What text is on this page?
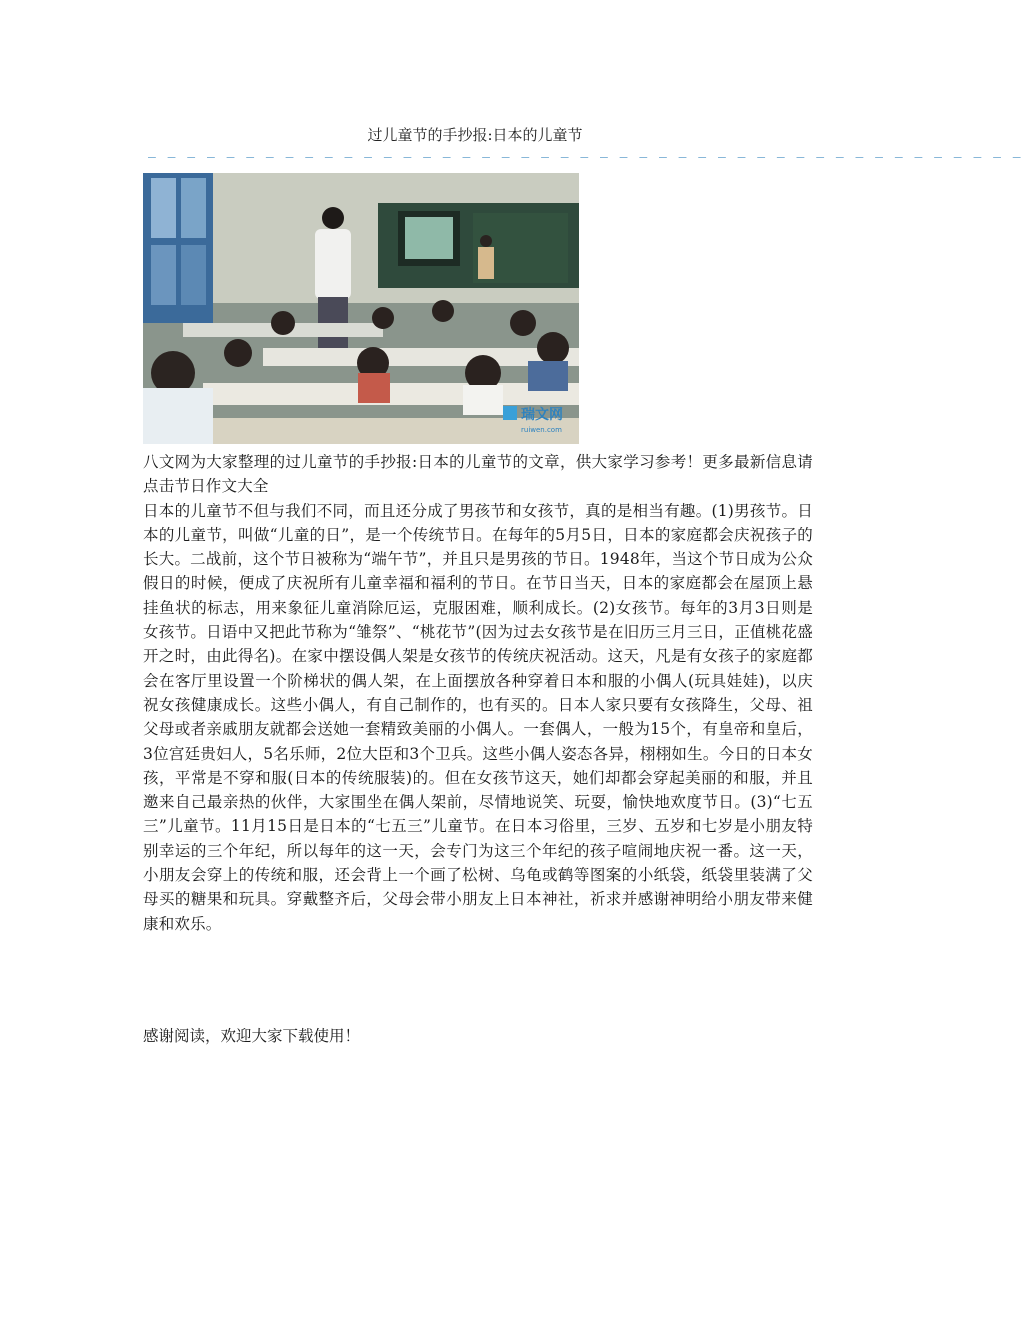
过儿童节的手抄报:日本的儿童节
— — — — — — — — — — — — — — — — — — — — — — — — — — — — — — — — — — — — — — — — — — — — —
瑞文网
ruiwen.com

八文网为大家整理的过儿童节的手抄报:日本的儿童节的文章，供大家学习参考！更多最新信息请点击节日作文大全

日本的儿童节不但与我们不同，而且还分成了男孩节和女孩节，真的是相当有趣。(1)男孩节。日本的儿童节，叫做“儿童的日”，是一个传统节日。在每年的5月5日，日本的家庭都会庆祝孩子的长大。二战前，这个节日被称为“端午节”，并且只是男孩的节日。1948年，当这个节日成为公众假日的时候，便成了庆祝所有儿童幸福和福利的节日。在节日当天，日本的家庭都会在屋顶上悬挂鱼状的标志，用来象征儿童消除厄运，克服困难，顺利成长。(2)女孩节。每年的3月3日则是女孩节。日语中又把此节称为“雏祭”、“桃花节”(因为过去女孩节是在旧历三月三日，正值桃花盛开之时，由此得名)。在家中摆设偶人架是女孩节的传统庆祝活动。这天，凡是有女孩子的家庭都会在客厅里设置一个阶梯状的偶人架，在上面摆放各种穿着日本和服的小偶人(玩具娃娃)，以庆祝女孩健康成长。这些小偶人，有自己制作的，也有买的。日本人家只要有女孩降生，父母、祖父母或者亲戚朋友就都会送她一套精致美丽的小偶人。一套偶人，一般为15个，有皇帝和皇后，3位宫廷贵妇人，5名乐师，2位大臣和3个卫兵。这些小偶人姿态各异，栩栩如生。今日的日本女孩，平常是不穿和服(日本的传统服装)的。但在女孩节这天，她们却都会穿起美丽的和服，并且邀来自己最亲热的伙伴，大家围坐在偶人架前，尽情地说笑、玩耍，愉快地欢度节日。(3)“七五三”儿童节。11月15日是日本的“七五三”儿童节。在日本习俗里，三岁、五岁和七岁是小朋友特别幸运的三个年纪，所以每年的这一天，会专门为这三个年纪的孩子喧闹地庆祝一番。这一天，小朋友会穿上的传统和服，还会背上一个画了松树、乌龟或鹤等图案的小纸袋，纸袋里装满了父母买的糖果和玩具。穿戴整齐后，父母会带小朋友上日本神社，祈求并感谢神明给小朋友带来健康和欢乐。

感谢阅读，欢迎大家下载使用！
